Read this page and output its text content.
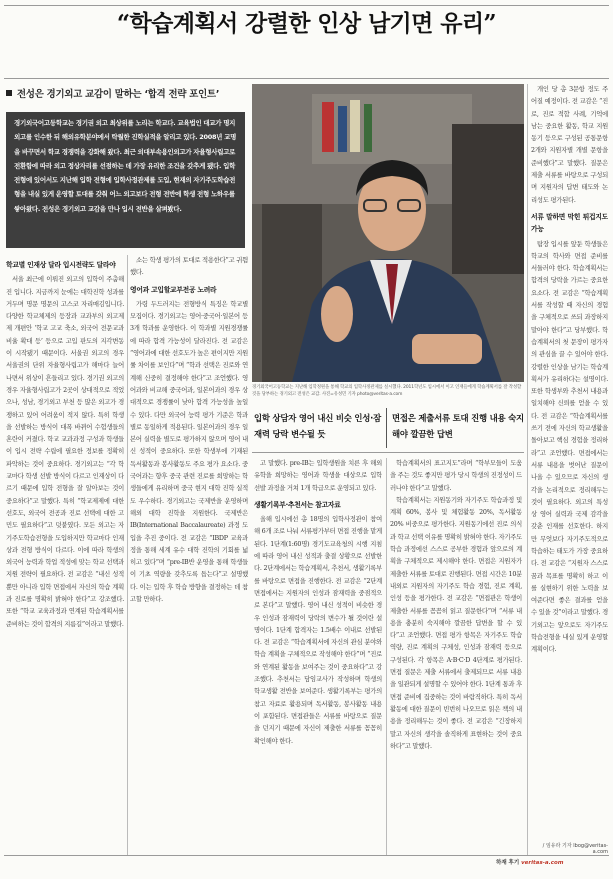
“학습계획서 강렬한 인상 남기면 유리”
전성은 경기외고 교감이 말하는 ‘합격 전략 포인트’
경기외국어고등학교는 경기권 외고 최상위를 노리는 학교다. 교육법인 대교가 명지외고를 인수한 뒤 해외유학분야에서 탁월한 진학실적을 알리고 있다. 2008년 교명을 바꾸면서 학교 경쟁력을 강화해 왔다. 최근 외대부속용인외고가 자율형사립고로 전환함에 따라 외고 정상자리를 선점하는 데 가장 유리한 조건을 갖추게 됐다. 입학전형에 있어서도 지난해 입학 전형에 입학사정관제를 도입, 현재의 자기주도학습전형을 내실 있게 운영할 토대를 갖춰 어느 외고보다 전형 전반에 학생 전형 노하우를 쌓아왔다. 전성은 경기외고 교감을 만나 입시 전반을 살펴봤다.
경기외국어고등학교는 지난해 입학정원을 통해 학교의 입학사정관제를 실시했다. 2011학년도 입시에서 이고 인재들에게 학습계획서를 잘 작성할 것을 당부하는 경기외고 전성은 교감. 사진=유성민 기자 photo@veritas-a.com
학교별 인재상 달라 입시전략도 달라야

서울 최근에 이뤄진 외고의 입학이 주춤해진 입니다. 지금까지 눈에는 대학진학 성과를 거두며 명문 명문의 고스코 자리매김입니다. 다양한 학교체제의 등장과 교과부의 외고제제 개편안 ‘학교 고교 축소, 외국어 전문교과 비율 확대 등’ 등으로 고입 판도의 지각변동이 시작됐기 때문이다. 서울권 외고의 경우 서울권의 단위 자율형사립고가 해마다 늘어나면서 위상이 흔들리고 있다. 경기권 외고의 경우 자율형사립고가 2곳이 상대적으로 적었으나, 성남, 경기외고 부천 등 많은 외고가 경쟁하고 있어 어려움이 적지 않다. 특히 학생을 선발하는 방식이 대폭 바뀌어 수험생들의 혼란이 커졌다. 학교 교과과정 구성과 학생들이 입시 전략 수립에 필요한 정보를 정확히 파악하는 것이 중요하다. 경기외고는 “각 학교마다 학생 선발 방식이 다르고 인재상이 다르기 때문에 입학 전형을 잘 알아보는 것이 중요하다”고 말했다. 특히 “학교제제에 대한 선호도, 외국어 전공과 진로 선택에 대한 고민도 필요하다”고 덧붙였다. 모든 외고는 자기주도학습전형을 도입하지만 학교마다 인재상과 전형 방식이 다르다. 이에 따라 학생의 외국어 능력과 학업 적성에 맞는 학교 선택과 지원 전략이 필요하다. 전 교감은 “내신 성적뿐만 아니라 입학 면접에서 자신의 학습 계획과 진로를 명확히 밝혀야 한다”고 강조했다. 또한 “학교 교육과정과 연계된 학습계획서를 준비하는 것이 합격의 지름길”이라고 말했다.

소는 학생 평가의 토대로 적용한다”고 귀띔했다.

영어과 고입할교부전공 노려라

가령 두드러지는 전형방식 특징은 학교별 모집이다. 경기외고는 영어·중국어·일본어 등 3개 학과를 운영한다. 이 학과별 지원경쟁률에 따라 합격 가능성이 달라진다. 전 교감은 “영어과에 대한 선호도가 높은 편이지만 지원률 차이를 보인다”며 “학과 선택은 진로와 연계해 신중히 결정해야 한다”고 조언했다. 영어과와 비교해 중국어과, 일본어과의 경우 상대적으로 경쟁률이 낮아 합격 가능성을 높일 수 있다. 다만 외국어 능력 평가 기준은 학과별로 동일하게 적용된다. 일본어과의 경우 일본어 실력을 별도로 평가하지 않으며 영어 내신 성적이 중요하다. 또한 학생부에 기재된 독서활동과 봉사활동도 주요 평가 요소다. 중국어과는 향후 중국 관련 진로를 희망하는 학생들에게 유리하며 중국 현지 대학 진학 실적도 우수하다. 경기외고는 국제반을 운영하며 해외 대학 진학을 지원한다. 국제반은 IB(International Baccalaureate) 과정 도입을 추진 중이다. 전 교감은 “IBDP 교육과정을 통해 세계 유수 대학 진학의 기회를 넓히고 있다”며 “pre-IB반 운영을 통해 학생들이 기초 역량을 갖추도록 돕는다”고 설명했다. 이는 입학 후 학습 방향을 결정하는 데 참고할 만하다.

입학 상담자 영어 내신 비슷 인성·잠재력 당락 변수될 듯
면접은 제출서류 토대 진행 내용 숙지해야 깔끔한 답변

고 말했다. pre-IB는 입학생원을 치른 후 해외유학을 희망하는 영어과 학생을 대상으로 입학 선발 과정을 거쳐 1개 학급으로 운영되고 있다.

생활기록부·추천서는 참고자료

올해 입시에선 총 18명의 입학사정관이 참여해 6개 조로 나눠 서류평가부터 면접 진행을 맡게 된다. 1단계(1:60명) 경기도교육청의 시행 지침에 따라 영어 내신 성적과 출결 상황으로 선발한다. 2단계에서는 학습계획서, 추천서, 생활기록부를 바탕으로 면접을 진행한다. 전 교감은 “2단계 면접에서는 지원자의 인성과 잠재력을 중점적으로 본다”고 말했다. 영어 내신 성적이 비슷한 경우 인성과 잠재력이 당락의 변수가 될 것이란 설명이다. 1단계 합격자는 1.5배수 이내로 선발된다. 전 교감은 “학습계획서에 자신의 관심 분야와 학습 계획을 구체적으로 작성해야 한다”며 “진로와 연계된 활동을 보여주는 것이 중요하다”고 강조했다. 추천서는 담임교사가 작성하며 학생의 학교생활 전반을 보여준다. 생활기록부는 평가의 참고 자료로 활용되며 독서활동, 봉사활동 내용이 포함된다. 면접관들은 서류를 바탕으로 질문을 던지기 때문에 자신이 제출한 서류를 꼼꼼히 확인해야 한다.

학습계획서의 표고지도”라며 “학부모들이 도움을 주는 것도 좋지만 평가 당시 학생의 진정성이 드러나야 한다”고 말했다.

학습계획서는 지원동기와 자기주도 학습과정 및 계획 60%, 봉사 및 체험활동 20%, 독서활동 20% 비중으로 평가한다. 지원동기에선 진로 의식과 학교 선택 이유를 명확히 밝혀야 한다. 자기주도학습 과정에선 스스로 공부한 경험과 앞으로의 계획을 구체적으로 제시해야 한다. 면접은 지원자가 제출한 서류를 토대로 진행된다. 면접 시간은 10분 내외로 지원자의 자기주도 학습 경험, 진로 계획, 인성 등을 평가한다. 전 교감은 “면접관은 학생이 제출한 서류를 꼼꼼히 읽고 질문한다”며 “서류 내용을 충분히 숙지해야 깔끔한 답변을 할 수 있다”고 조언했다. 면접 평가 항목은 자기주도 학습 역량, 진로 계획의 구체성, 인성과 잠재력 등으로 구성된다. 각 항목은 A·B·C·D 4단계로 평가된다. 면접 질문은 제출 서류에서 출제되므로 서류 내용을 일관되게 설명할 수 있어야 한다. 1단계 통과 후 면접 준비에 집중하는 것이 바람직하다. 특히 독서활동에 대한 질문이 빈번히 나오므로 읽은 책의 내용을 정리해두는 것이 좋다. 전 교감은 “긴장하지 말고 자신의 생각을 솔직하게 표현하는 것이 중요하다”고 말했다.

개인 당 총 3문항 정도 주어질 예정이다. 전 교감은 “진로, 진로 적합 사례, 기억에 남는 중요한 활동, 학교 지원동기 등으로 구성된 공통문항 2개와 지원자별 개별 문항을 준비했다”고 말했다. 질문은 제출 서류를 바탕으로 구성되며 지원자의 답변 태도와 논리성도 평가된다.

서류 말하면 막힌 튀겁지도 가능

탐장 입시를 앞둔 학생들은 학교의 학사와 면접 준비를 서둘러야 한다. 학습계획서는 합격의 당락을 가르는 중요한 요소다. 전 교감은 “학습계획서를 작성할 때 자신의 경험을 구체적으로 쓰되 과장하지 말아야 한다”고 당부했다. 학습계획서의 첫 문장이 평가자의 관심을 끌 수 있어야 한다. 강렬한 인상을 남기는 학습계획서가 유리하다는 설명이다. 또한 학생부와 추천서 내용과 일치해야 신뢰를 얻을 수 있다. 전 교감은 “학습계획서를 쓰기 전에 자신의 학교생활을 돌아보고 핵심 경험을 정리하라”고 조언했다. 면접에서는 서류 내용을 벗어난 질문이 나올 수 있으므로 자신의 생각을 논리적으로 정리해두는 것이 필요하다. 외고의 특성상 영어 실력과 국제 감각을 갖춘 인재를 선호한다. 하지만 무엇보다 자기주도적으로 학습하는 태도가 가장 중요하다. 전 교감은 “지원자 스스로 꿈과 목표를 명확히 하고 이를 실현하기 위한 노력을 보여준다면 좋은 결과를 얻을 수 있을 것”이라고 말했다. 경기외고는 앞으로도 자기주도학습전형을 내실 있게 운영할 계획이다.

/ 임유라 기자 lbog@veritas-a.com
하재 후기 veritas-a.com
